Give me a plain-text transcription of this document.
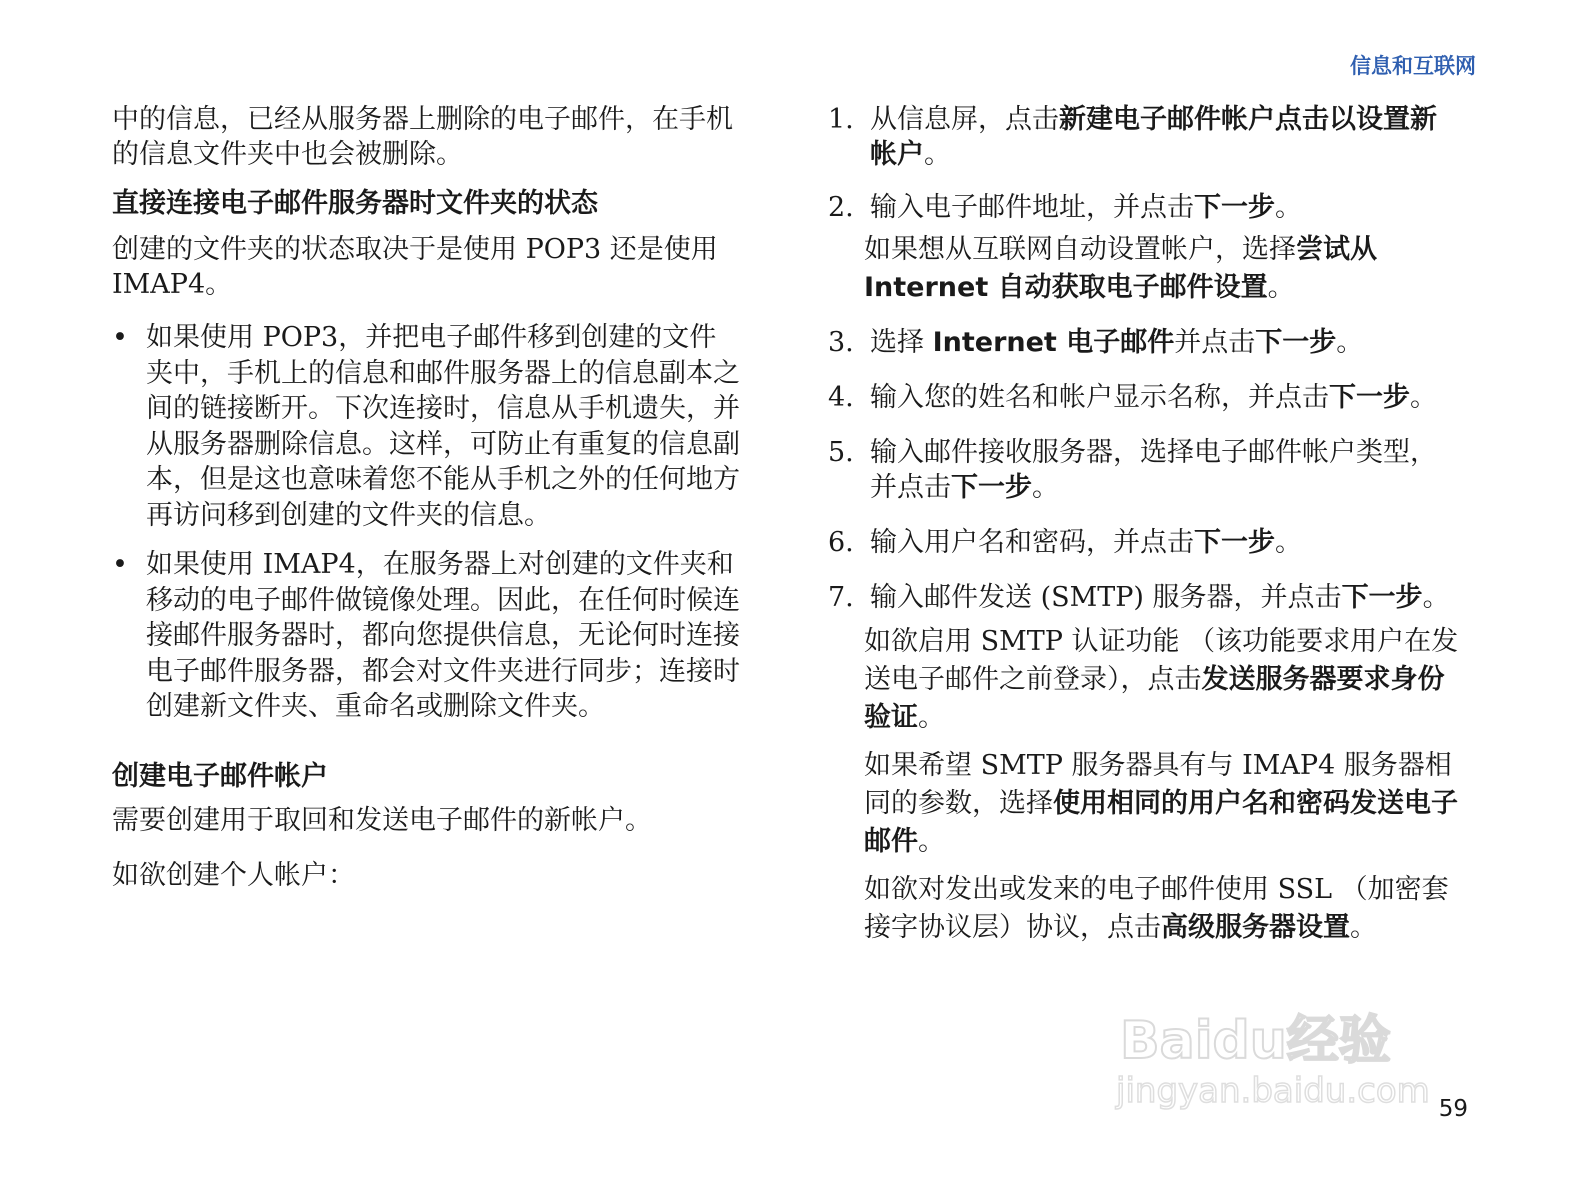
信息和互联网

中的信息，已经从服务器上删除的电子邮件，在手机的信息文件夹中也会被删除。

直接连接电子邮件服务器时文件夹的状态

创建的文件夹的状态取决于是使用 POP3 还是使用 IMAP4。

• 如果使用 POP3，并把电子邮件移到创建的文件夹中，手机上的信息和邮件服务器上的信息副本之间的链接断开。下次连接时，信息从手机遗失，并从服务器删除信息。这样，可防止有重复的信息副本，但是这也意味着您不能从手机之外的任何地方再访问移到创建的文件夹的信息。
• 如果使用 IMAP4，在服务器上对创建的文件夹和移动的电子邮件做镜像处理。因此，在任何时候连接邮件服务器时，都向您提供信息，无论何时连接电子邮件服务器，都会对文件夹进行同步；连接时创建新文件夹、重命名或删除文件夹。

创建电子邮件帐户

需要创建用于取回和发送电子邮件的新帐户。

如欲创建个人帐户：

1. 从信息屏，点击新建电子邮件帐户点击以设置新帐户。
2. 输入电子邮件地址，并点击下一步。

如果想从互联网自动设置帐户，选择尝试从 Internet 自动获取电子邮件设置。

3. 选择 Internet 电子邮件并点击下一步。
4. 输入您的姓名和帐户显示名称，并点击下一步。
5. 输入邮件接收服务器，选择电子邮件帐户类型，并点击下一步。
6. 输入用户名和密码，并点击下一步。
7. 输入邮件发送 (SMTP) 服务器，并点击下一步。

如欲启用 SMTP 认证功能 （该功能要求用户在发送电子邮件之前登录），点击发送服务器要求身份验证。

如果希望 SMTP 服务器具有与 IMAP4 服务器相同的参数，选择使用相同的用户名和密码发送电子邮件。

如欲对发出或发来的电子邮件使用 SSL （加密套接字协议层）协议，点击高级服务器设置。

Baidu经验
jingyan.baidu.com 59
